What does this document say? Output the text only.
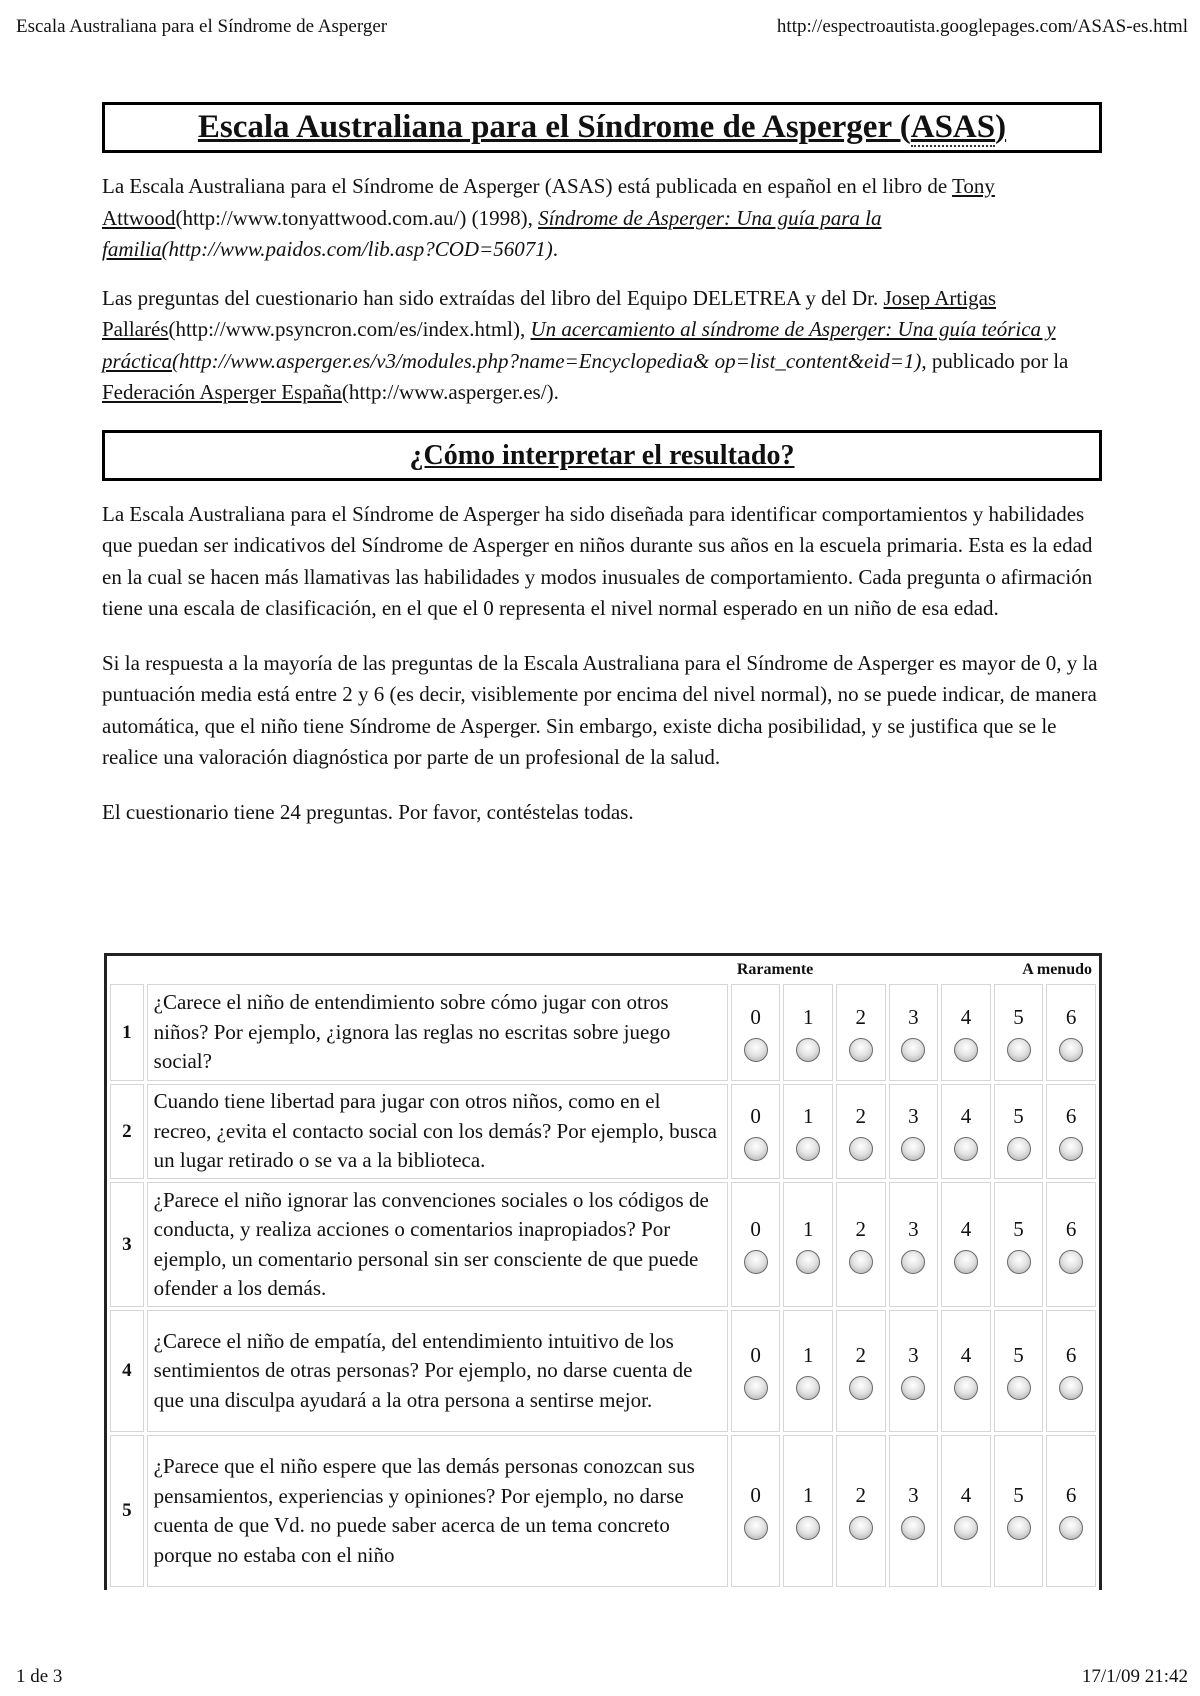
Escala Australiana para el Síndrome de Asperger	http://espectroautista.googlepages.com/ASAS-es.html
Escala Australiana para el Síndrome de Asperger (ASAS)

La Escala Australiana para el Síndrome de Asperger (ASAS) está publicada en español en el libro de Tony Attwood(http://www.tonyattwood.com.au/) (1998), Síndrome de Asperger: Una guía para la familia(http://www.paidos.com/lib.asp?COD=56071).

Las preguntas del cuestionario han sido extraídas del libro del Equipo DELETREA y del Dr. Josep Artigas Pallarés(http://www.psyncron.com/es/index.html), Un acercamiento al síndrome de Asperger: Una guía teórica y práctica(http://www.asperger.es/v3/modules.php?name=Encyclopedia& op=list_content&eid=1), publicado por la Federación Asperger España(http://www.asperger.es/).

¿Cómo interpretar el resultado?

La Escala Australiana para el Síndrome de Asperger ha sido diseñada para identificar comportamientos y habilidades que puedan ser indicativos del Síndrome de Asperger en niños durante sus años en la escuela primaria. Esta es la edad en la cual se hacen más llamativas las habilidades y modos inusuales de comportamiento. Cada pregunta o afirmación tiene una escala de clasificación, en el que el 0 representa el nivel normal esperado en un niño de esa edad.

Si la respuesta a la mayoría de las preguntas de la Escala Australiana para el Síndrome de Asperger es mayor de 0, y la puntuación media está entre 2 y 6 (es decir, visiblemente por encima del nivel normal), no se puede indicar, de manera automática, que el niño tiene Síndrome de Asperger. Sin embargo, existe dicha posibilidad, y se justifica que se le realice una valoración diagnóstica por parte de un profesional de la salud.

El cuestionario tiene 24 preguntas. Por favor, contéstelas todas.

		Raramente			A menudo			
1	¿Carece el niño de entendimiento sobre cómo jugar con otros niños? Por ejemplo, ¿ignora las reglas no escritas sobre juego social?	0	1	2	3	4	5	6

2	Cuando tiene libertad para jugar con otros niños, como en el recreo, ¿evita el contacto social con los demás? Por ejemplo, busca un lugar retirado o se va a la biblioteca.	0	1	2	3	4	5	6

3	¿Parece el niño ignorar las convenciones sociales o los códigos de conducta, y realiza acciones o comentarios inapropiados? Por ejemplo, un comentario personal sin ser consciente de que puede ofender a los demás.	0	1	2	3	4	5	6

4	¿Carece el niño de empatía, del entendimiento intuitivo de los sentimientos de otras personas? Por ejemplo, no darse cuenta de que una disculpa ayudará a la otra persona a sentirse mejor.	0	1	2	3	4	5	6

5	¿Parece que el niño espere que las demás personas conozcan sus pensamientos, experiencias y opiniones? Por ejemplo, no darse cuenta de que Vd. no puede saber acerca de un tema concreto porque no estaba con el niño	0	1	2	3	4	5	6
1 de 3	17/1/09 21:42
